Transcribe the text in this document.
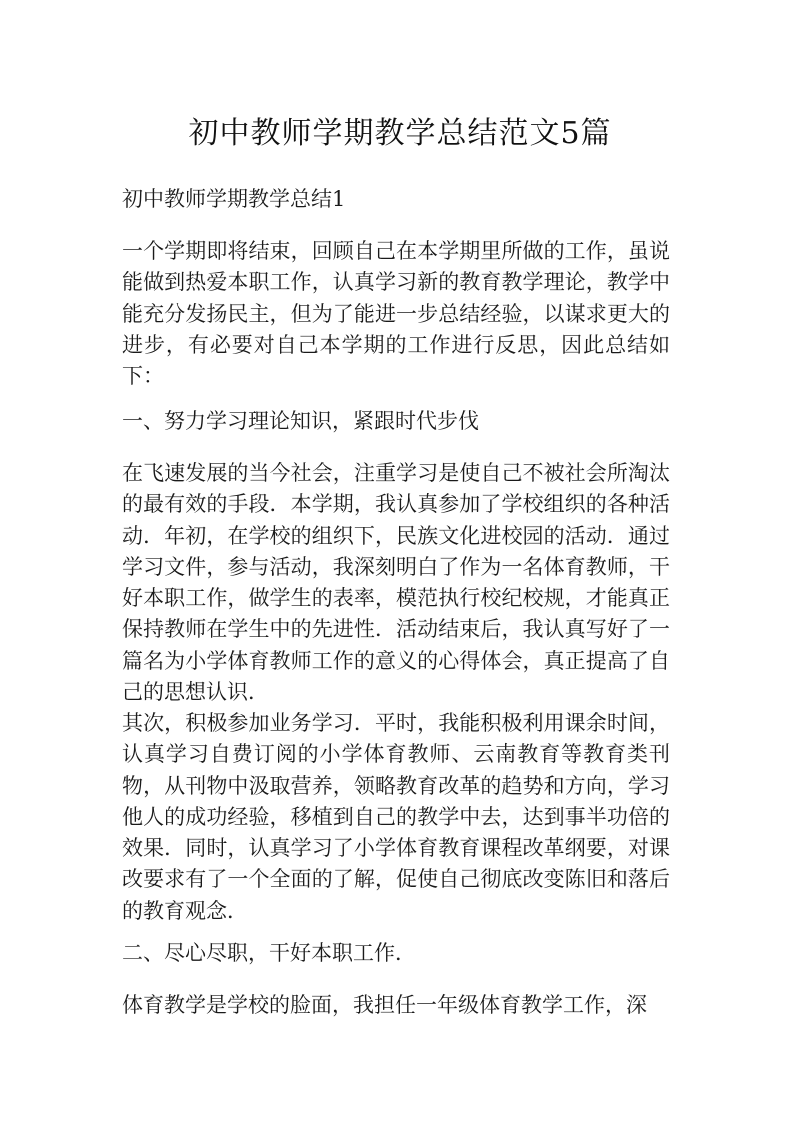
初中教师学期教学总结范文5篇

初中教师学期教学总结1

一个学期即将结束，回顾自己在本学期里所做的工作，虽说能做到热爱本职工作，认真学习新的教育教学理论，教学中能充分发扬民主，但为了能进一步总结经验，以谋求更大的进步，有必要对自己本学期的工作进行反思，因此总结如下：

一、努力学习理论知识，紧跟时代步伐

在飞速发展的当今社会，注重学习是使自己不被社会所淘汰的最有效的手段．本学期，我认真参加了学校组织的各种活动．年初，在学校的组织下，民族文化进校园的活动．通过学习文件，参与活动，我深刻明白了作为一名体育教师，干好本职工作，做学生的表率，模范执行校纪校规，才能真正保持教师在学生中的先进性．活动结束后，我认真写好了一篇名为小学体育教师工作的意义的心得体会，真正提高了自己的思想认识．

其次，积极参加业务学习．平时，我能积极利用课余时间，认真学习自费订阅的小学体育教师、云南教育等教育类刊物，从刊物中汲取营养，领略教育改革的趋势和方向，学习他人的成功经验，移植到自己的教学中去，达到事半功倍的效果．同时，认真学习了小学体育教育课程改革纲要，对课改要求有了一个全面的了解，促使自己彻底改变陈旧和落后的教育观念．

二、尽心尽职，干好本职工作．

体育教学是学校的脸面，我担任一年级体育教学工作，深
